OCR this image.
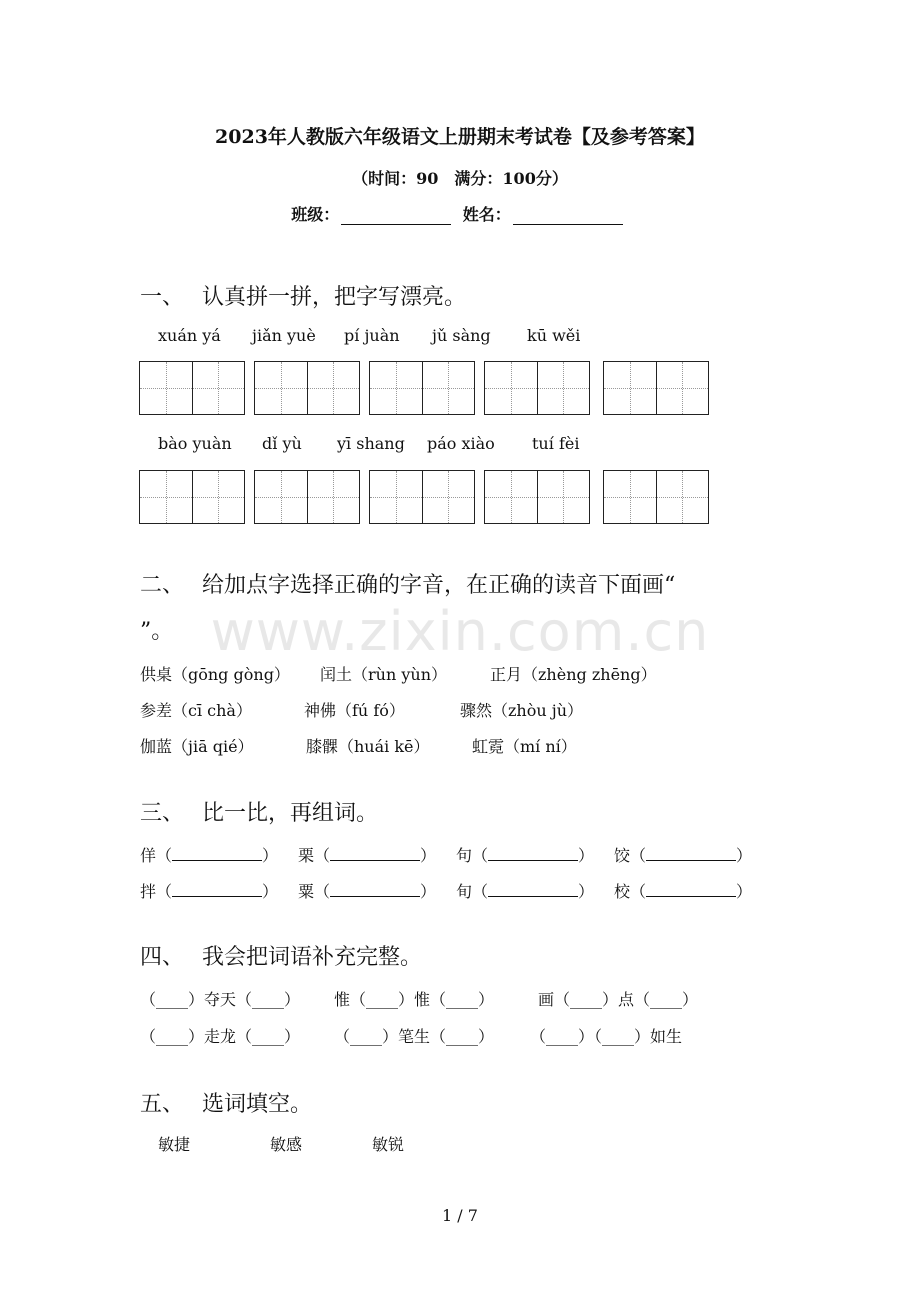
2023年人教版六年级语文上册期末考试卷【及参考答案】
（时间：90　满分：100分）
班级：	姓名：
www.zixin.com.cn
一、 认真拼一拼，把字写漂亮。
xuán yá jiǎn yuè pí juàn jǔ sàng kū wěi
bào yuàn dǐ yù yī shang páo xiào tuí fèi
二、 给加点字选择正确的字音，在正确的读音下面画“
”。
供桌（gōng gòng） 闰土（rùn yùn）	正月（zhèng zhēng）
参差（cī chà）	神佛（fú fó）	骤然（zhòu jù）
伽蓝（jiā qié）	膝髁（huái kē）	虹霓（mí ní）
三、 比一比，再组词。
佯（	） 栗（	） 句（	） 饺（	）
拌（	） 粟（	） 旬（	） 校（	）
四、 我会把词语补充完整。
（____）夺天（____） 惟（____）惟（____）	画（____）点（____）
（____）走龙（____） （____）笔生（____） （____）（____）如生
五、 选词填空。
敏捷	敏感	敏锐
1 / 7
